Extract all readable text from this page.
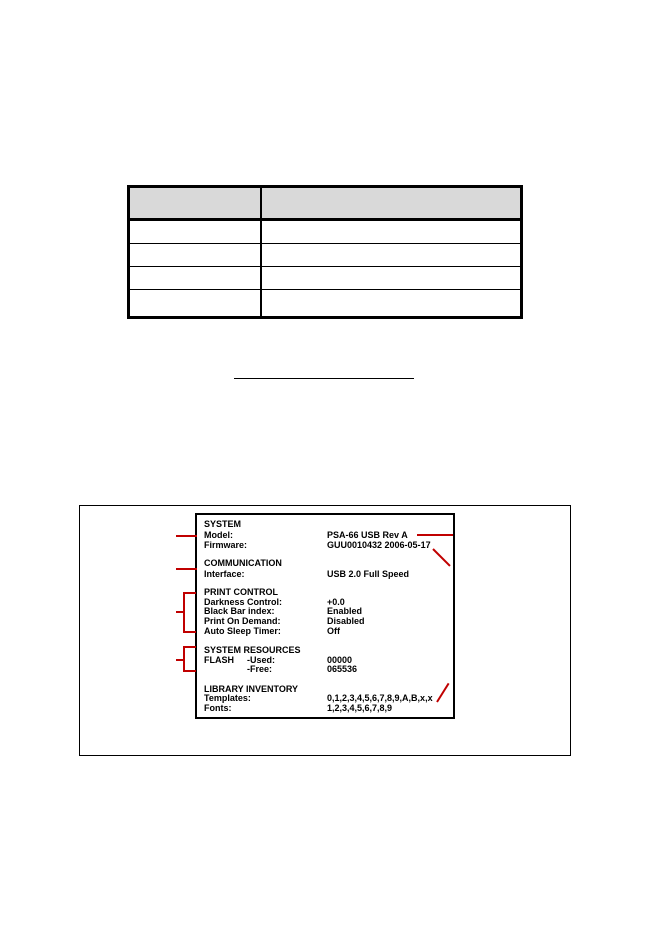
SYSTEM
Model:	PSA-66 USB Rev A
Firmware:	GUU0010432 2006-05-17
COMMUNICATION
Interface:	USB 2.0 Full Speed
PRINT CONTROL
Darkness Control:	+0.0
Black Bar index:	Enabled
Print On Demand:	Disabled
Auto Sleep Timer:	Off
SYSTEM RESOURCES
FLASH -Used:	00000
-Free:	065536
LIBRARY INVENTORY
Templates:	0,1,2,3,4,5,6,7,8,9,A,B,x,x
Fonts:	1,2,3,4,5,6,7,8,9
